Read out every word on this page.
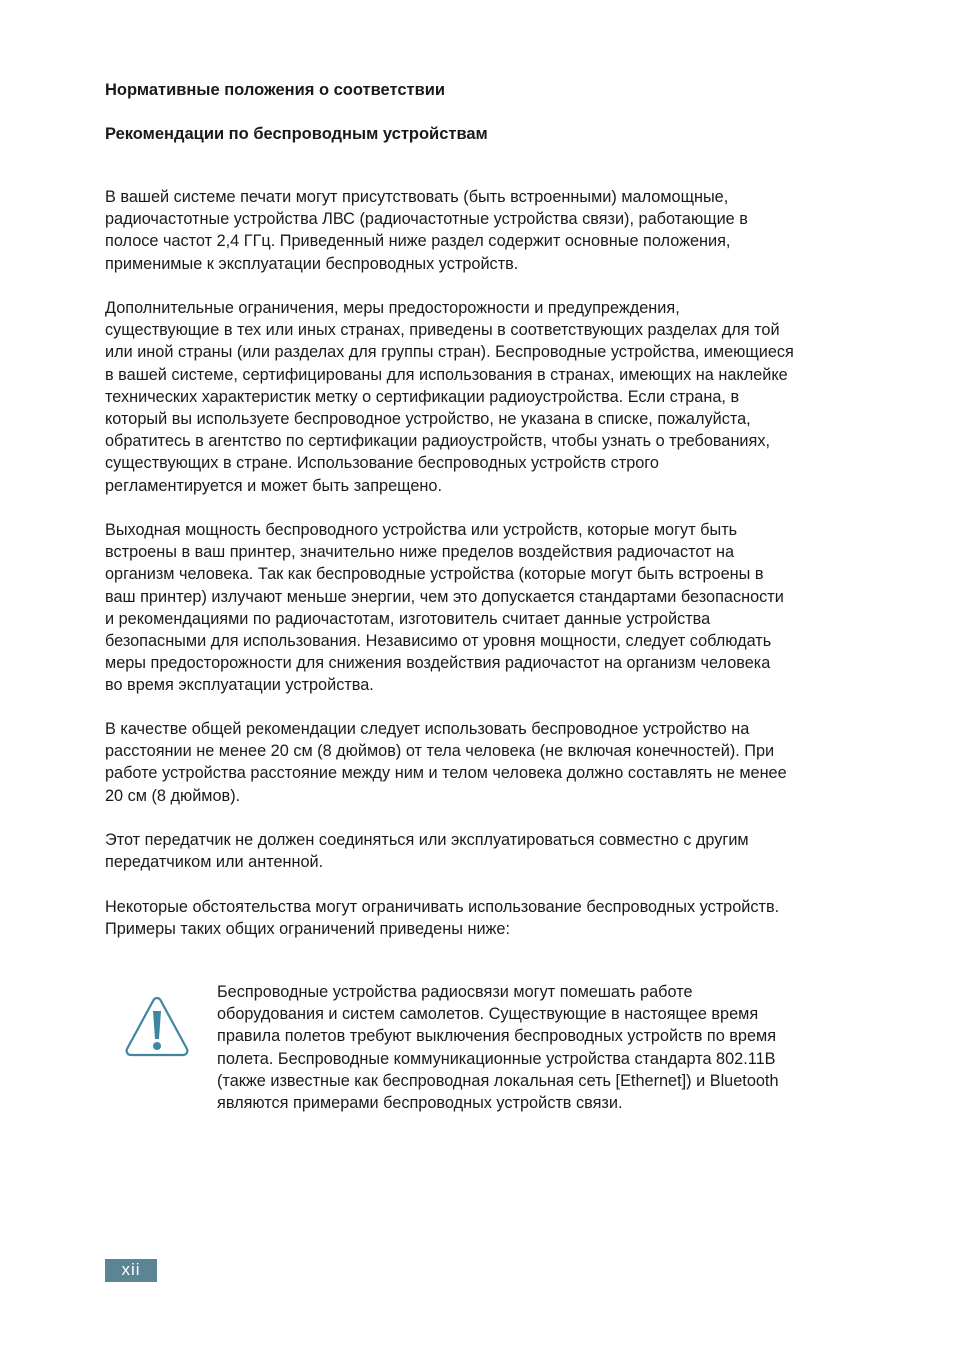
Нормативные положения о соответствии
Рекомендации по беспроводным устройствам
В вашей системе печати могут присутствовать (быть встроенными) маломощные,
радиочастотные устройства ЛВС (радиочастотные устройства связи), работающие в
полосе частот 2,4 ГГц. Приведенный ниже раздел содержит основные положения,
применимые к эксплуатации беспроводных устройств.
Дополнительные ограничения, меры предосторожности и предупреждения,
существующие в тех или иных странах, приведены в соответствующих разделах для той
или иной страны (или разделах для группы стран). Беспроводные устройства, имеющиеся
в вашей системе, сертифицированы для использования в странах, имеющих на наклейке
технических характеристик метку о сертификации радиоустройства. Если страна, в
который вы используете беспроводное устройство, не указана в списке, пожалуйста,
обратитесь в агентство по сертификации радиоустройств, чтобы узнать о требованиях,
существующих в стране. Использование беспроводных устройств строго
регламентируется и может быть запрещено.
Выходная мощность беспроводного устройства или устройств, которые могут быть
встроены в ваш принтер, значительно ниже пределов воздействия радиочастот на
организм человека. Так как беспроводные устройства (которые могут быть встроены в
ваш принтер) излучают меньше энергии, чем это допускается стандартами безопасности
и рекомендациями по радиочастотам, изготовитель считает данные устройства
безопасными для использования. Независимо от уровня мощности, следует соблюдать
меры предосторожности для снижения воздействия радиочастот на организм человека
во время эксплуатации устройства.
В качестве общей рекомендации следует использовать беспроводное устройство на
расстоянии не менее 20 см (8 дюймов) от тела человека (не включая конечностей). При
работе устройства расстояние между ним и телом человека должно составлять не менее
20 см (8 дюймов).
Этот передатчик не должен соединяться или эксплуатироваться совместно с другим
передатчиком или антенной.
Некоторые обстоятельства могут ограничивать использование беспроводных устройств.
Примеры таких общих ограничений приведены ниже:
Беспроводные устройства радиосвязи могут помешать работе
оборудования и систем самолетов. Существующие в настоящее время
правила полетов требуют выключения беспроводных устройств по время
полета. Беспроводные коммуникационные устройства стандарта 802.11B
(также известные как беспроводная локальная сеть [Ethernet]) и Bluetooth
являются примерами беспроводных устройств связи.
xii
